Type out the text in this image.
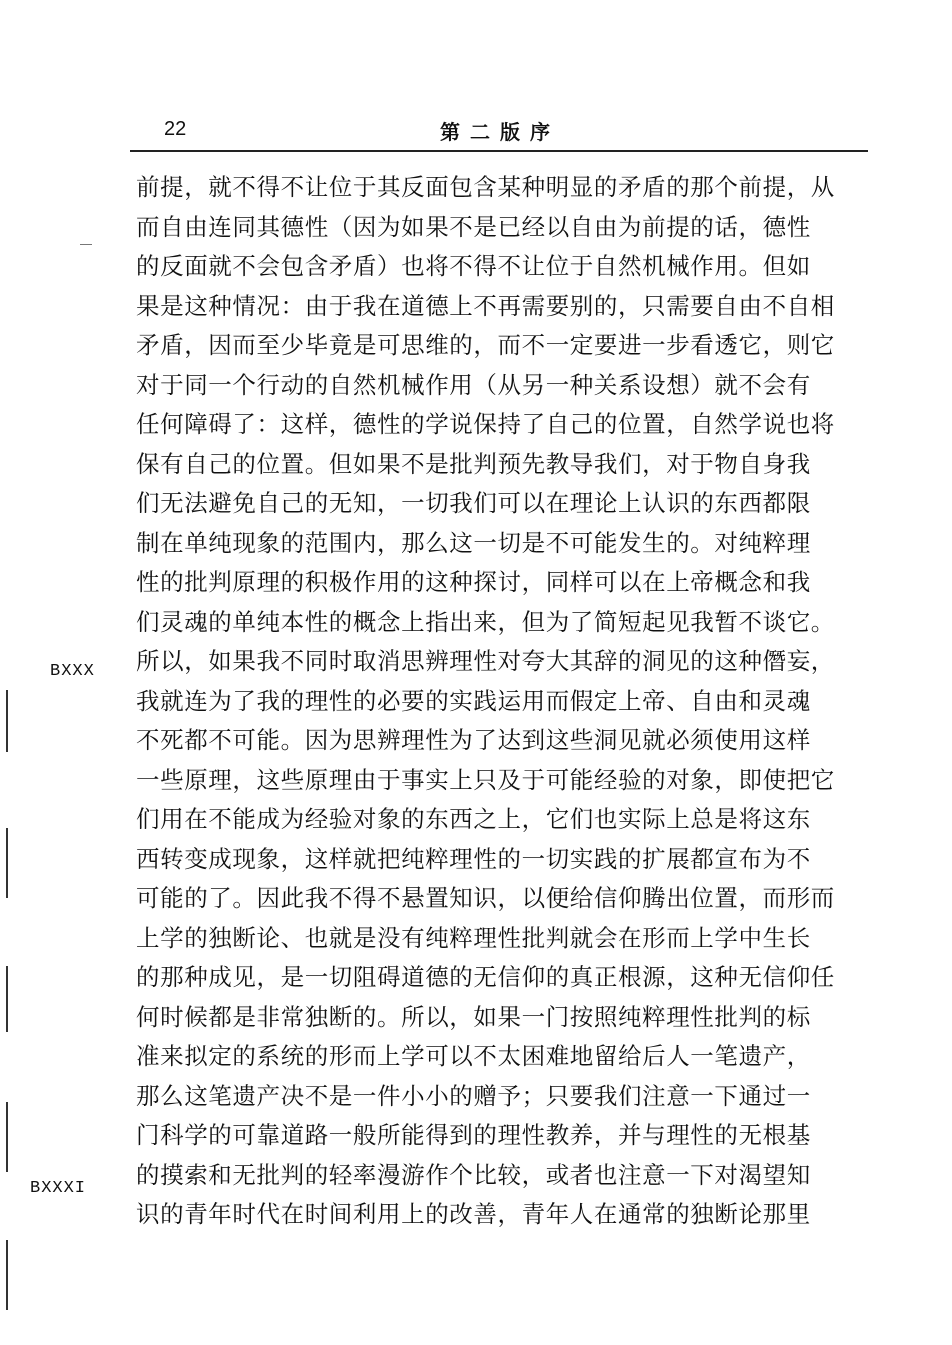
22	第二版序
BXXX
BXXXI
前提，就不得不让位于其反面包含某种明显的矛盾的那个前提，从
而自由连同其德性（因为如果不是已经以自由为前提的话，德性
的反面就不会包含矛盾）也将不得不让位于自然机械作用。但如
果是这种情况：由于我在道德上不再需要别的，只需要自由不自相
矛盾，因而至少毕竟是可思维的，而不一定要进一步看透它，则它
对于同一个行动的自然机械作用（从另一种关系设想）就不会有
任何障碍了：这样，德性的学说保持了自己的位置，自然学说也将
保有自己的位置。但如果不是批判预先教导我们，对于物自身我
们无法避免自己的无知，一切我们可以在理论上认识的东西都限
制在单纯现象的范围内，那么这一切是不可能发生的。对纯粹理
性的批判原理的积极作用的这种探讨，同样可以在上帝概念和我
们灵魂的单纯本性的概念上指出来，但为了简短起见我暂不谈它。
所以，如果我不同时取消思辨理性对夸大其辞的洞见的这种僭妄，
我就连为了我的理性的必要的实践运用而假定上帝、自由和灵魂
不死都不可能。因为思辨理性为了达到这些洞见就必须使用这样
一些原理，这些原理由于事实上只及于可能经验的对象，即使把它
们用在不能成为经验对象的东西之上，它们也实际上总是将这东
西转变成现象，这样就把纯粹理性的一切实践的扩展都宣布为不
可能的了。因此我不得不悬置知识，以便给信仰腾出位置，而形而
上学的独断论、也就是没有纯粹理性批判就会在形而上学中生长
的那种成见，是一切阻碍道德的无信仰的真正根源，这种无信仰任
何时候都是非常独断的。所以，如果一门按照纯粹理性批判的标
准来拟定的系统的形而上学可以不太困难地留给后人一笔遗产，
那么这笔遗产决不是一件小小的赠予；只要我们注意一下通过一
门科学的可靠道路一般所能得到的理性教养，并与理性的无根基
的摸索和无批判的轻率漫游作个比较，或者也注意一下对渴望知
识的青年时代在时间利用上的改善，青年人在通常的独断论那里
